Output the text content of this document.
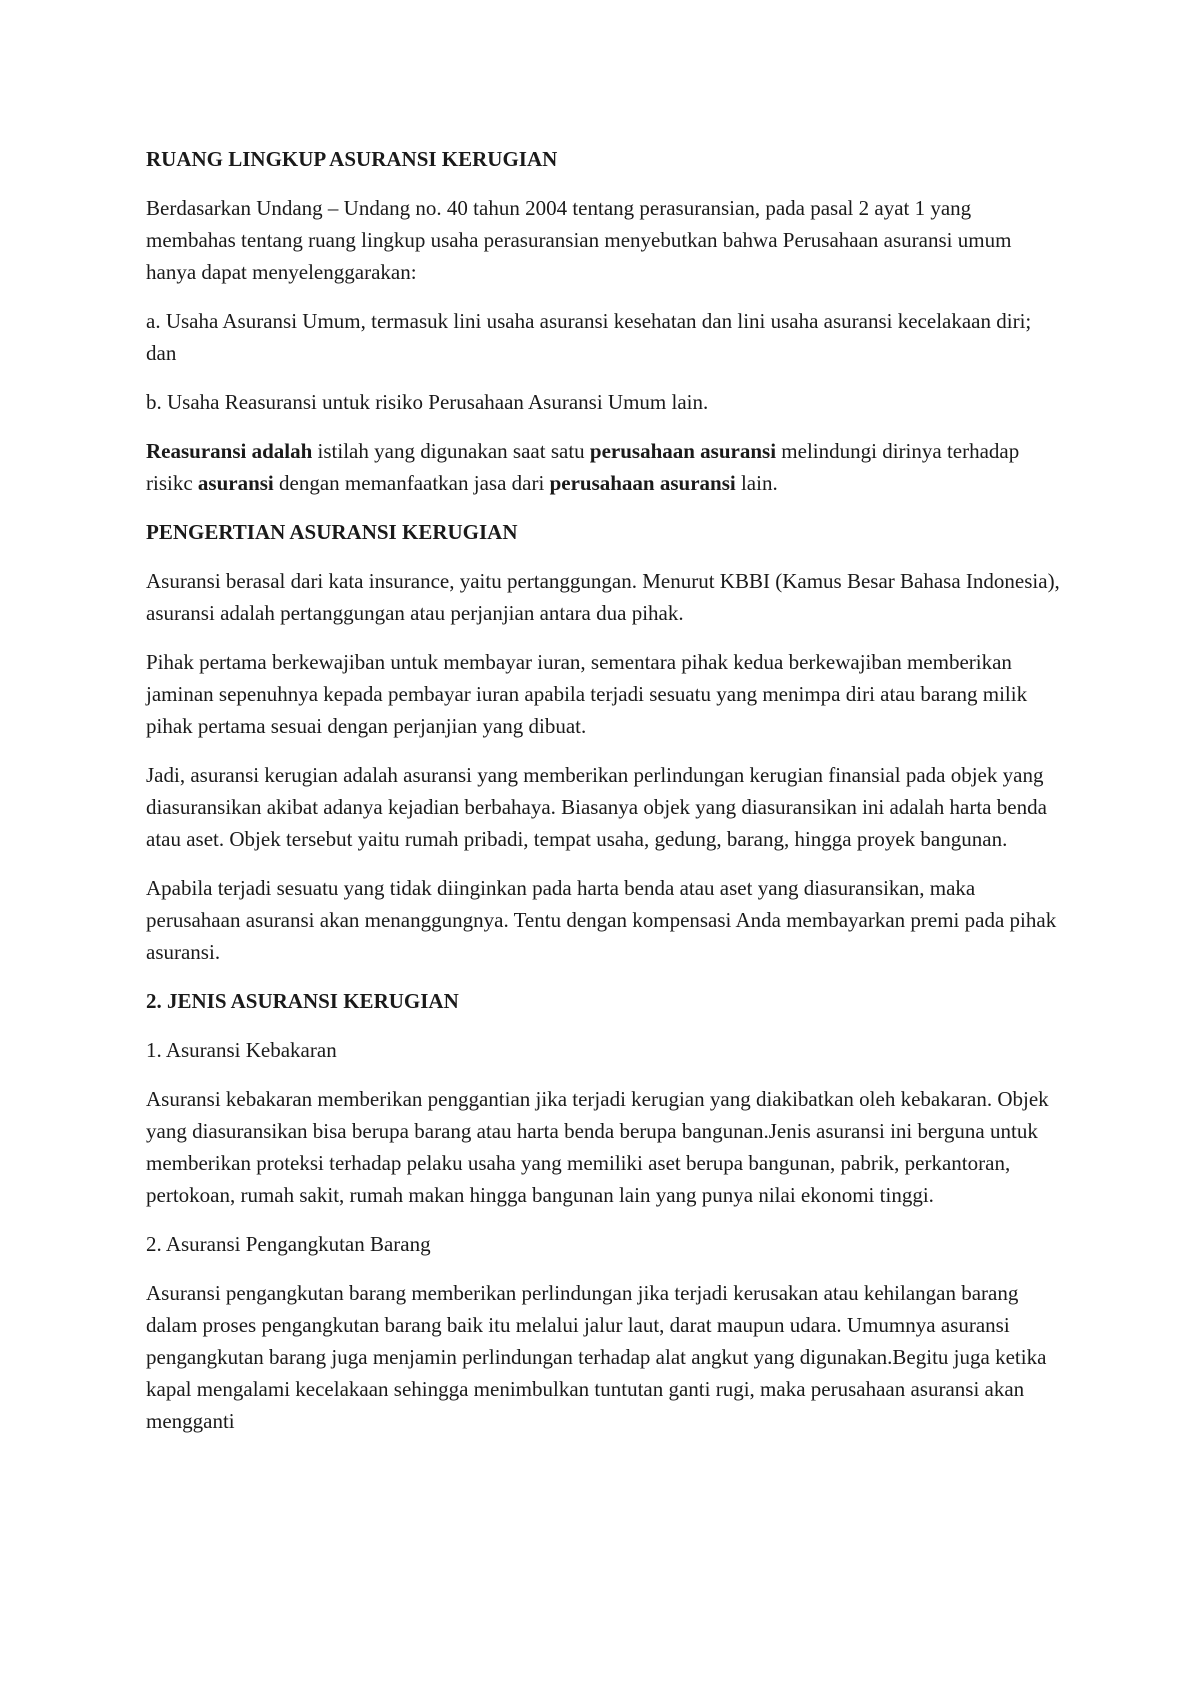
RUANG LINGKUP ASURANSI KERUGIAN

Berdasarkan Undang – Undang no. 40 tahun 2004 tentang perasuransian, pada pasal 2 ayat 1 yang membahas tentang ruang lingkup usaha perasuransian menyebutkan bahwa Perusahaan asuransi umum hanya dapat menyelenggarakan:

a. Usaha Asuransi Umum, termasuk lini usaha asuransi kesehatan dan lini usaha asuransi kecelakaan diri; dan

b. Usaha Reasuransi untuk risiko Perusahaan Asuransi Umum lain.

Reasuransi adalah istilah yang digunakan saat satu perusahaan asuransi melindungi dirinya terhadap risikc asuransi dengan memanfaatkan jasa dari perusahaan asuransi lain.

PENGERTIAN ASURANSI KERUGIAN

Asuransi berasal dari kata insurance, yaitu pertanggungan. Menurut KBBI (Kamus Besar Bahasa Indonesia), asuransi adalah pertanggungan atau perjanjian antara dua pihak.

Pihak pertama berkewajiban untuk membayar iuran, sementara pihak kedua berkewajiban memberikan jaminan sepenuhnya kepada pembayar iuran apabila terjadi sesuatu yang menimpa diri atau barang milik pihak pertama sesuai dengan perjanjian yang dibuat.

Jadi, asuransi kerugian adalah asuransi yang memberikan perlindungan kerugian finansial pada objek yang diasuransikan akibat adanya kejadian berbahaya. Biasanya objek yang diasuransikan ini adalah harta benda atau aset. Objek tersebut yaitu rumah pribadi, tempat usaha, gedung, barang, hingga proyek bangunan.

Apabila terjadi sesuatu yang tidak diinginkan pada harta benda atau aset yang diasuransikan, maka perusahaan asuransi akan menanggungnya. Tentu dengan kompensasi Anda membayarkan premi pada pihak asuransi.

2. JENIS ASURANSI KERUGIAN

1. Asuransi Kebakaran

Asuransi kebakaran memberikan penggantian jika terjadi kerugian yang diakibatkan oleh kebakaran. Objek yang diasuransikan bisa berupa barang atau harta benda berupa bangunan.Jenis asuransi ini berguna untuk memberikan proteksi terhadap pelaku usaha yang memiliki aset berupa bangunan, pabrik, perkantoran, pertokoan, rumah sakit, rumah makan hingga bangunan lain yang punya nilai ekonomi tinggi.

2. Asuransi Pengangkutan Barang

Asuransi pengangkutan barang memberikan perlindungan jika terjadi kerusakan atau kehilangan barang dalam proses pengangkutan barang baik itu melalui jalur laut, darat maupun udara. Umumnya asuransi pengangkutan barang juga menjamin perlindungan terhadap alat angkut yang digunakan.Begitu juga ketika kapal mengalami kecelakaan sehingga menimbulkan tuntutan ganti rugi, maka perusahaan asuransi akan mengganti
